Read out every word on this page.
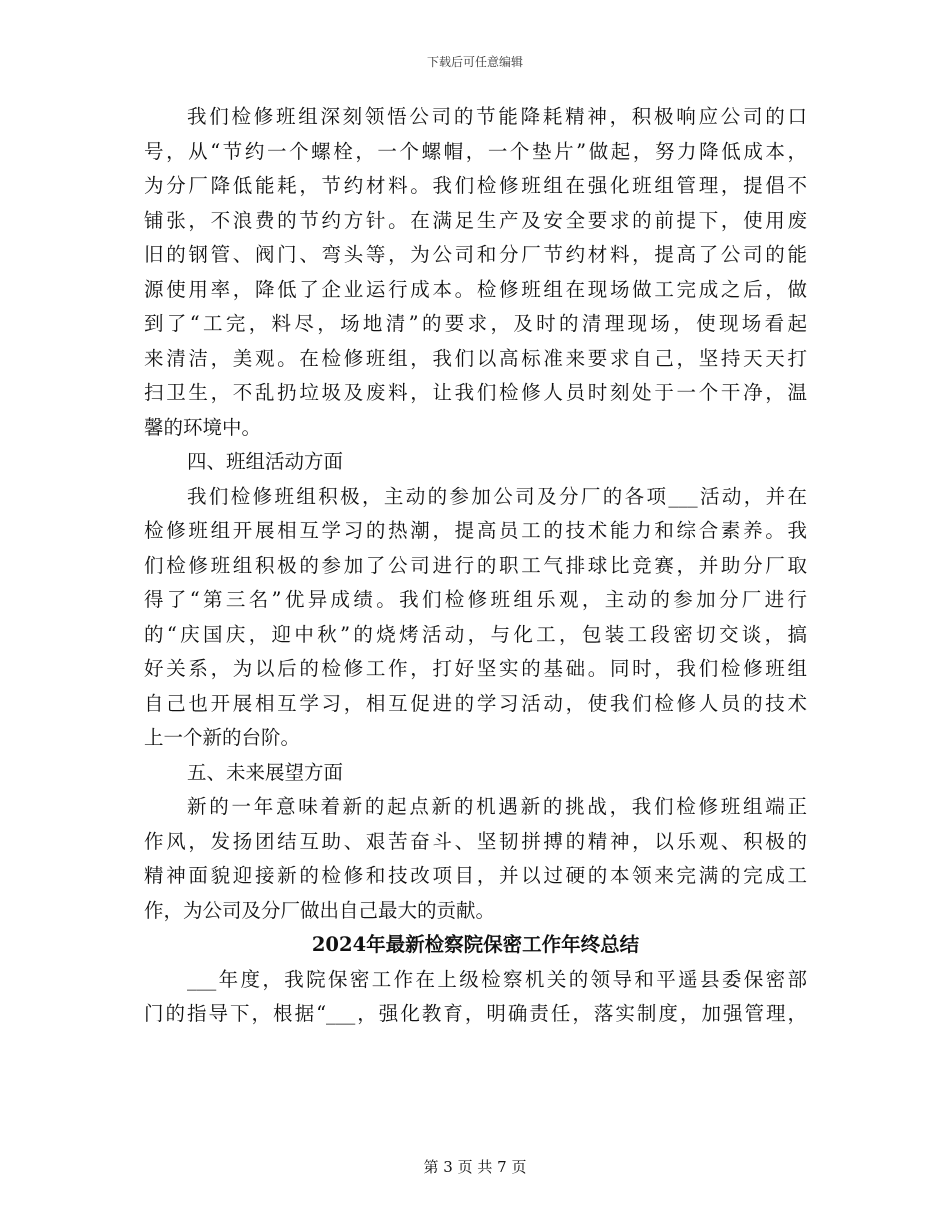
下载后可任意编辑
我们检修班组深刻领悟公司的节能降耗精神，积极响应公司的口
号，从“节约一个螺栓，一个螺帽，一个垫片”做起，努力降低成本，
为分厂降低能耗，节约材料。我们检修班组在强化班组管理，提倡不
铺张，不浪费的节约方针。在满足生产及安全要求的前提下，使用废
旧的钢管、阀门、弯头等，为公司和分厂节约材料，提高了公司的能
源使用率，降低了企业运行成本。检修班组在现场做工完成之后，做
到了“工完，料尽，场地清”的要求，及时的清理现场，使现场看起
来清洁，美观。在检修班组，我们以高标准来要求自己，坚持天天打
扫卫生，不乱扔垃圾及废料，让我们检修人员时刻处于一个干净，温
馨的环境中。
四、班组活动方面
我们检修班组积极，主动的参加公司及分厂的各项___活动，并在
检修班组开展相互学习的热潮，提高员工的技术能力和综合素养。我
们检修班组积极的参加了公司进行的职工气排球比竞赛，并助分厂取
得了“第三名”优异成绩。我们检修班组乐观，主动的参加分厂进行
的“庆国庆，迎中秋”的烧烤活动，与化工，包装工段密切交谈，搞
好关系，为以后的检修工作，打好坚实的基础。同时，我们检修班组
自己也开展相互学习，相互促进的学习活动，使我们检修人员的技术
上一个新的台阶。
五、未来展望方面
新的一年意味着新的起点新的机遇新的挑战，我们检修班组端正
作风，发扬团结互助、艰苦奋斗、坚韧拼搏的精神，以乐观、积极的
精神面貌迎接新的检修和技改项目，并以过硬的本领来完满的完成工
作，为公司及分厂做出自己最大的贡献。
2024年最新检察院保密工作年终总结
___年度，我院保密工作在上级检察机关的领导和平遥县委保密部
门的指导下，根据“___，强化教育，明确责任，落实制度，加强管理，
第 3 页 共 7 页
